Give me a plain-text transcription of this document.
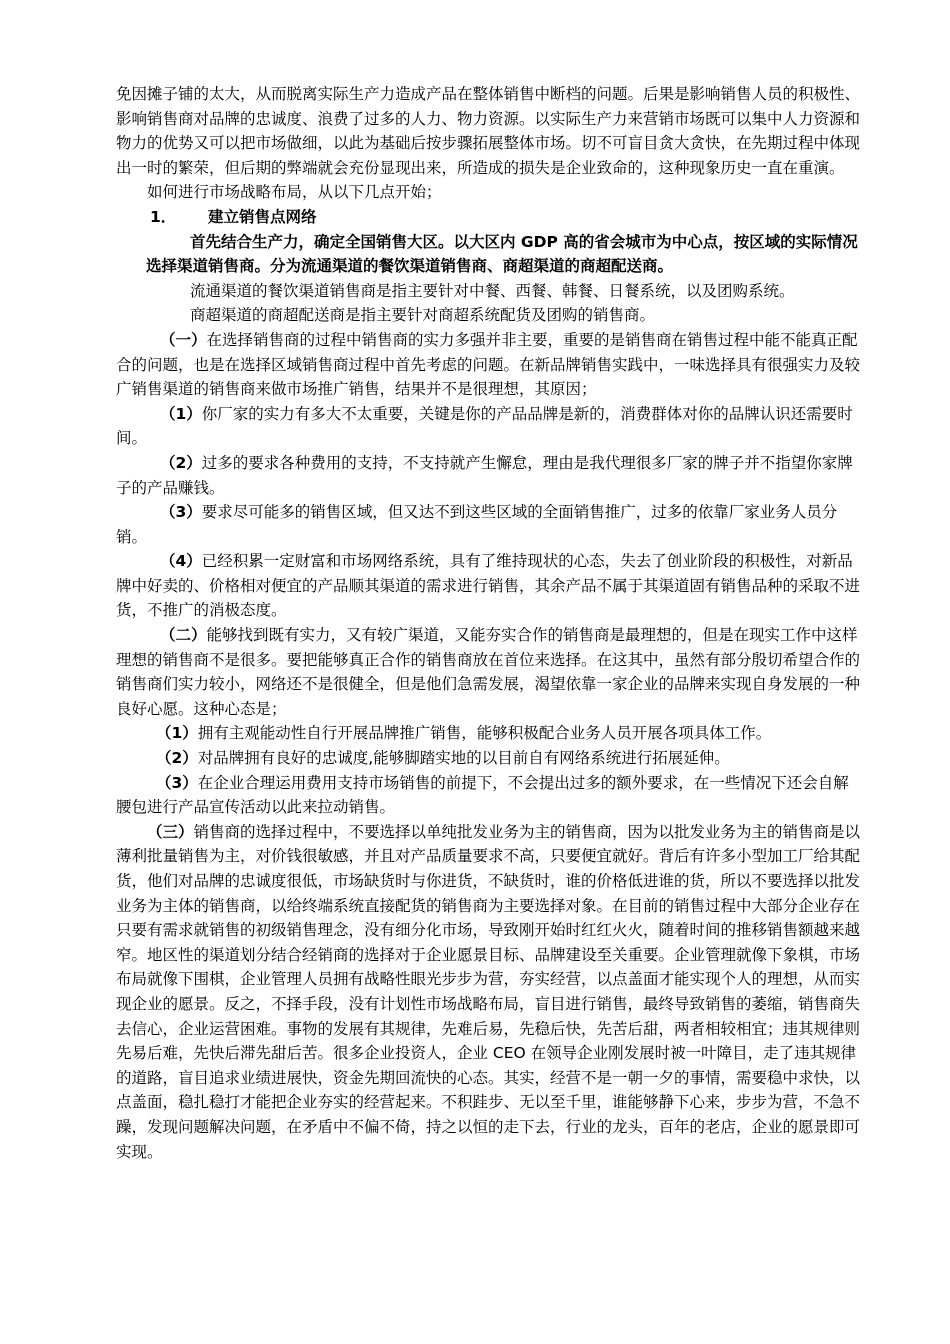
免因摊子铺的太大，从而脱离实际生产力造成产品在整体销售中断档的问题。后果是影响销售人员的积极性、影响销售商对品牌的忠诚度、浪费了过多的人力、物力资源。以实际生产力来营销市场既可以集中人力资源和物力的优势又可以把市场做细，以此为基础后按步骤拓展整体市场。切不可盲目贪大贪快，在先期过程中体现出一时的繁荣，但后期的弊端就会充份显现出来，所造成的损失是企业致命的，这种现象历史一直在重演。

如何进行市场战略布局，从以下几点开始；

1． 建立销售点网络

首先结合生产力，确定全国销售大区。以大区内 GDP 高的省会城市为中心点，按区域的实际情况选择渠道销售商。分为流通渠道的餐饮渠道销售商、商超渠道的商超配送商。

流通渠道的餐饮渠道销售商是指主要针对中餐、西餐、韩餐、日餐系统，以及团购系统。

商超渠道的商超配送商是指主要针对商超系统配货及团购的销售商。

（一）在选择销售商的过程中销售商的实力多强并非主要，重要的是销售商在销售过程中能不能真正配合的问题，也是在选择区域销售商过程中首先考虑的问题。在新品牌销售实践中，一味选择具有很强实力及较广销售渠道的销售商来做市场推广销售，结果并不是很理想，其原因；

（1）你厂家的实力有多大不太重要，关键是你的产品品牌是新的，消费群体对你的品牌认识还需要时间。

（2）过多的要求各种费用的支持，不支持就产生懈怠，理由是我代理很多厂家的牌子并不指望你家牌子的产品赚钱。

（3）要求尽可能多的销售区域，但又达不到这些区域的全面销售推广，过多的依靠厂家业务人员分销。

（4）已经积累一定财富和市场网络系统，具有了维持现状的心态，失去了创业阶段的积极性，对新品牌中好卖的、价格相对便宜的产品顺其渠道的需求进行销售，其余产品不属于其渠道固有销售品种的采取不进货，不推广的消极态度。

（二）能够找到既有实力，又有较广渠道，又能夯实合作的销售商是最理想的，但是在现实工作中这样理想的销售商不是很多。要把能够真正合作的销售商放在首位来选择。在这其中，虽然有部分殷切希望合作的销售商们实力较小，网络还不是很健全，但是他们急需发展，渴望依靠一家企业的品牌来实现自身发展的一种良好心愿。这种心态是；

（1）拥有主观能动性自行开展品牌推广销售，能够积极配合业务人员开展各项具体工作。

（2）对品牌拥有良好的忠诚度,能够脚踏实地的以目前自有网络系统进行拓展延伸。

（3）在企业合理运用费用支持市场销售的前提下，不会提出过多的额外要求，在一些情况下还会自解腰包进行产品宣传活动以此来拉动销售。

（三）销售商的选择过程中，不要选择以单纯批发业务为主的销售商，因为以批发业务为主的销售商是以薄利批量销售为主，对价钱很敏感，并且对产品质量要求不高，只要便宜就好。背后有许多小型加工厂给其配货，他们对品牌的忠诚度很低，市场缺货时与你进货，不缺货时，谁的价格低进谁的货，所以不要选择以批发业务为主体的销售商，以给终端系统直接配货的销售商为主要选择对象。在目前的销售过程中大部分企业存在只要有需求就销售的初级销售理念，没有细分化市场，导致刚开始时红红火火，随着时间的推移销售额越来越窄。地区性的渠道划分结合经销商的选择对于企业愿景目标、品牌建设至关重要。企业管理就像下象棋，市场布局就像下围棋，企业管理人员拥有战略性眼光步步为营，夯实经营，以点盖面才能实现个人的理想，从而实现企业的愿景。反之，不择手段，没有计划性市场战略布局，盲目进行销售，最终导致销售的萎缩，销售商失去信心，企业运营困难。事物的发展有其规律，先难后易，先稳后快，先苦后甜，两者相较相宜；违其规律则先易后难，先快后滞先甜后苦。很多企业投资人，企业 CEO 在领导企业刚发展时被一叶障目，走了违其规律的道路，盲目追求业绩进展快，资金先期回流快的心态。其实，经营不是一朝一夕的事情，需要稳中求快，以点盖面，稳扎稳打才能把企业夯实的经营起来。不积跬步、无以至千里，谁能够静下心来，步步为营，不急不躁，发现问题解决问题，在矛盾中不偏不倚，持之以恒的走下去，行业的龙头，百年的老店，企业的愿景即可实现。
